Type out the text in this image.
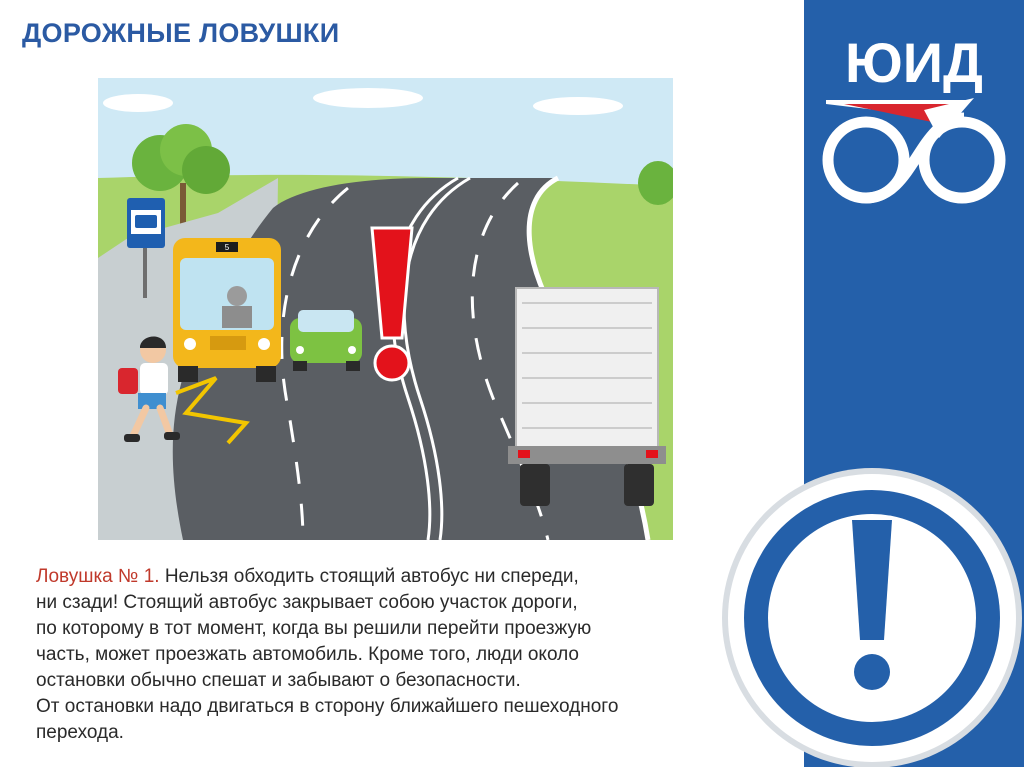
ДОРОЖНЫЕ ЛОВУШКИ	ЮИД
5
Ловушка № 1. Нельзя обходить стоящий автобус ни спереди,
ни сзади! Стоящий автобус закрывает собою участок дороги,
по которому в тот момент, когда вы решили перейти проезжую
часть, может проезжать автомобиль. Кроме того, люди около
остановки обычно спешат и забывают о безопасности.
От остановки надо двигаться в сторону ближайшего пешеходного
перехода.
